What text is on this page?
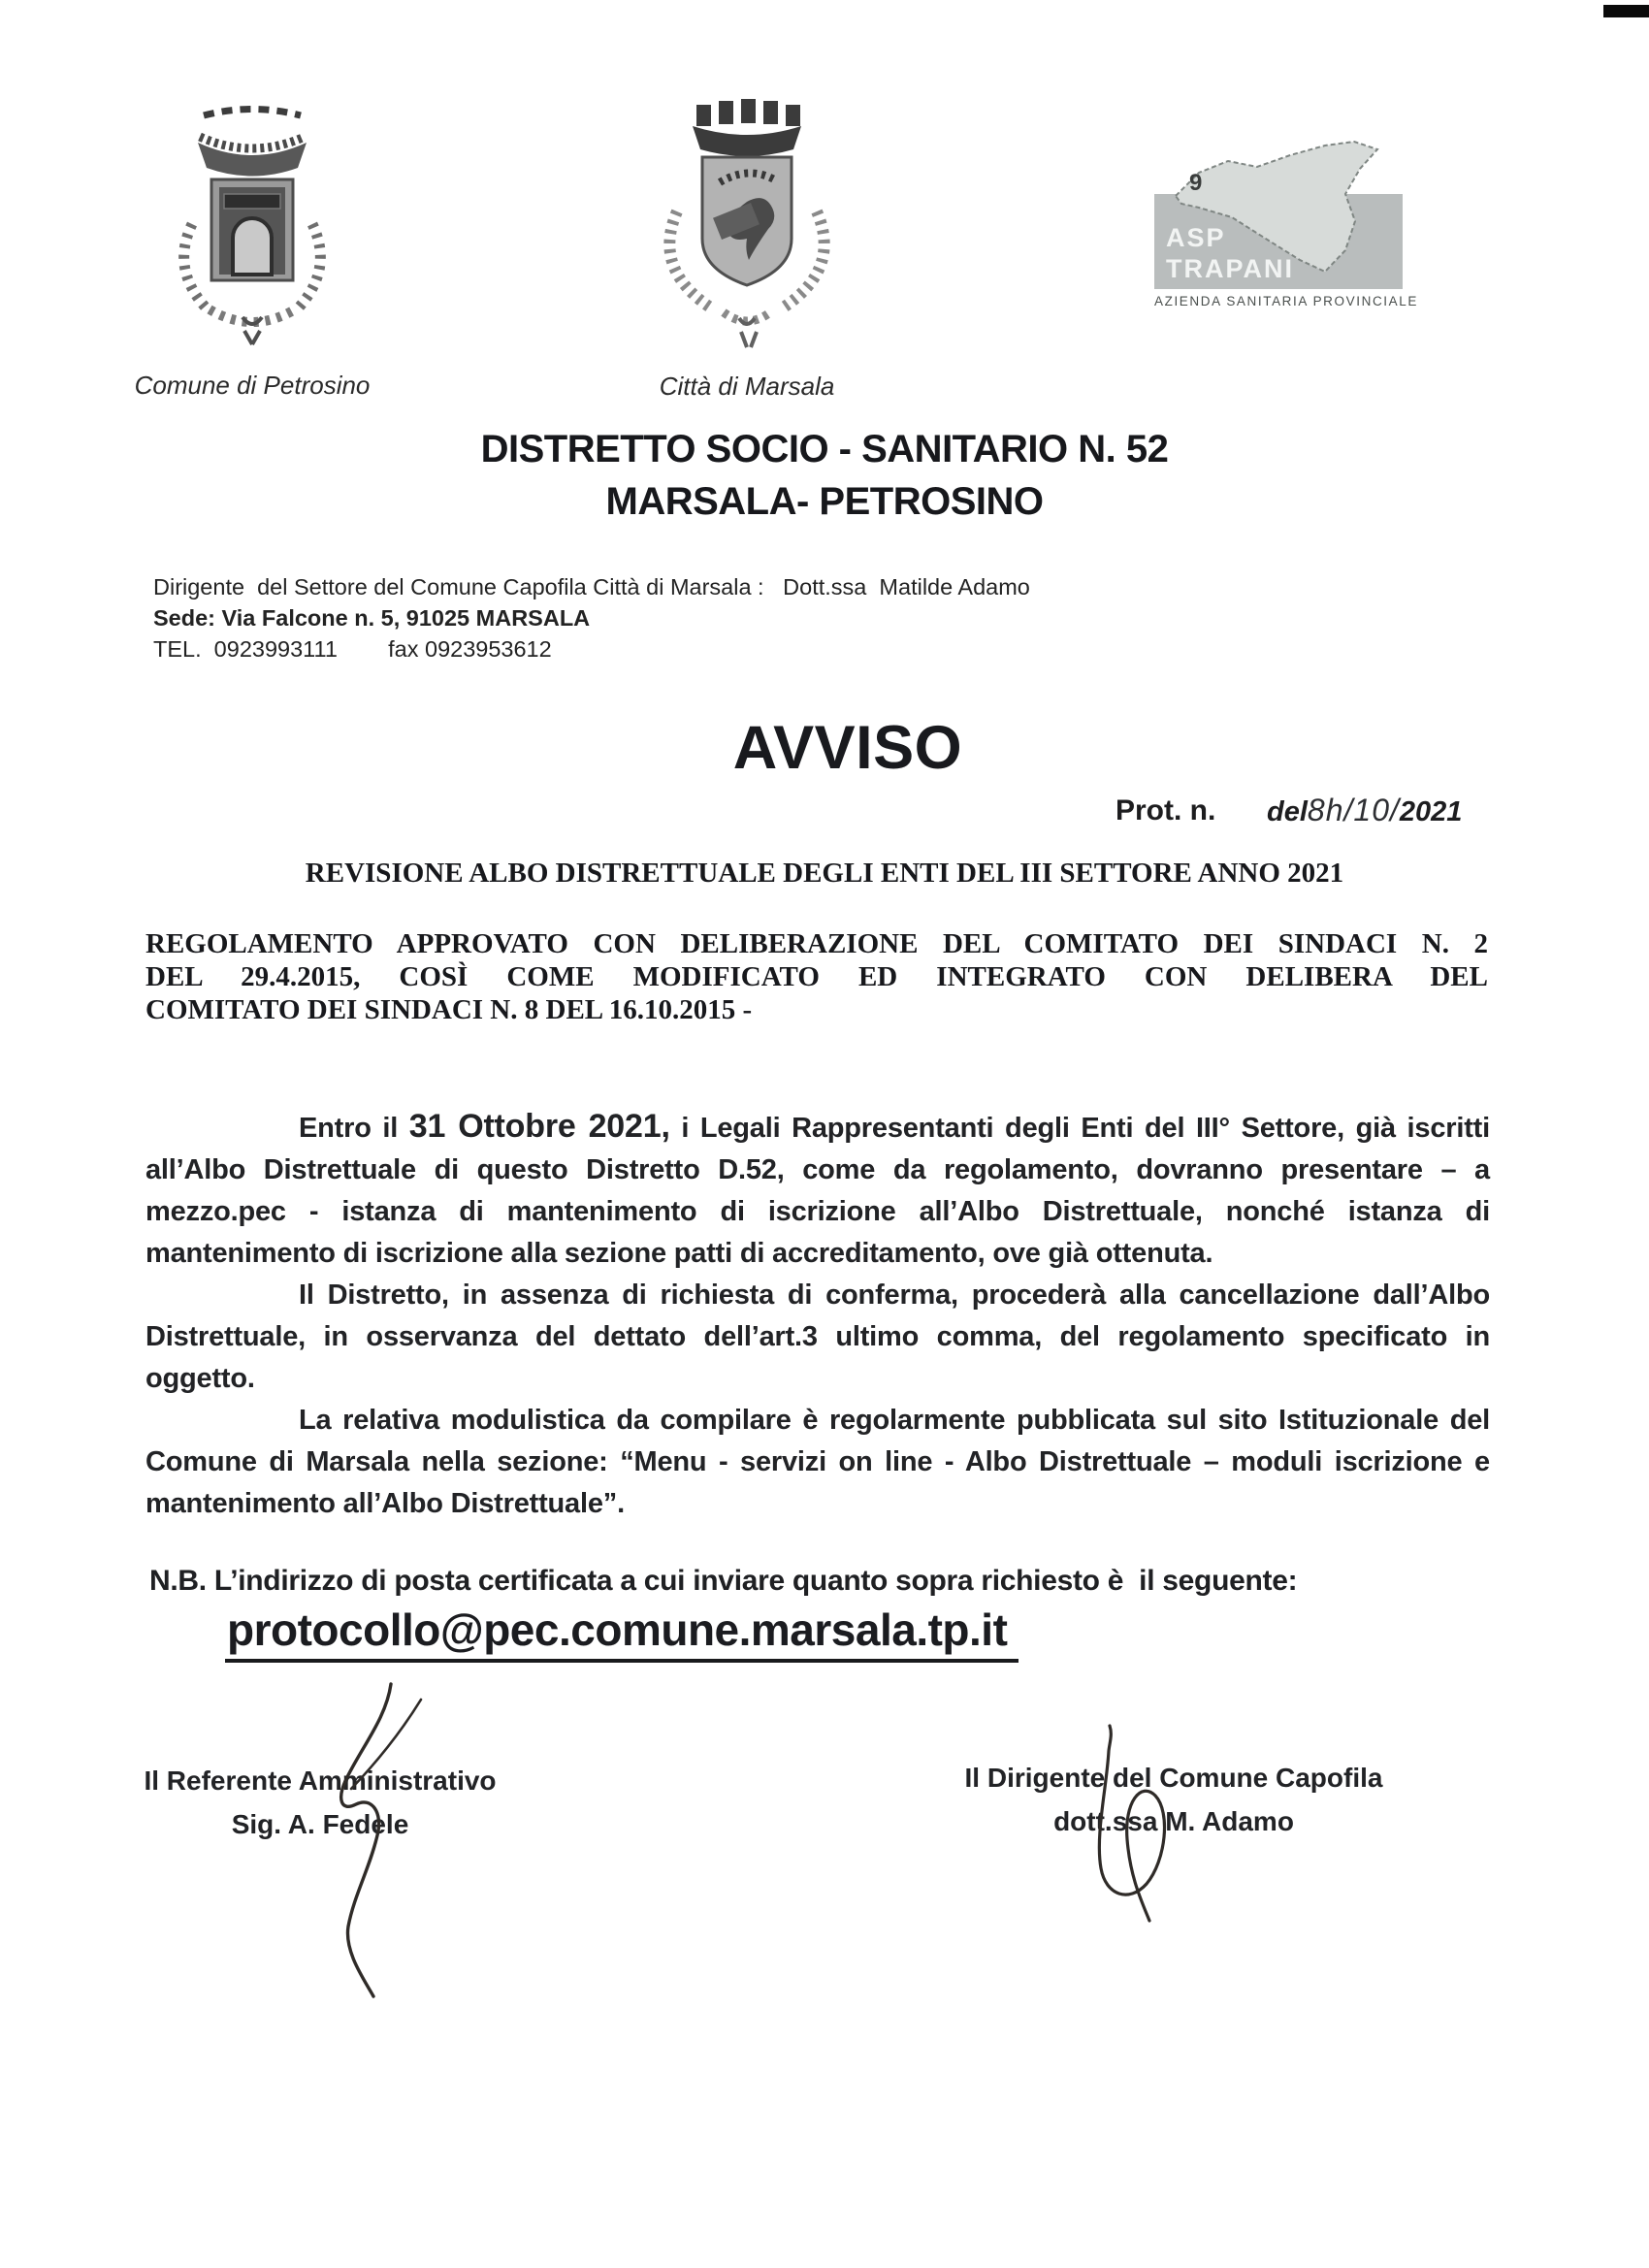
Comune di Petrosino	Città di Marsala
9
ASP
TRAPANI
AZIENDA SANITARIA PROVINCIALE
DISTRETTO SOCIO - SANITARIO N. 52
MARSALA- PETROSINO
Dirigente  del Settore del Comune Capofila Città di Marsala :   Dott.ssa  Matilde Adamo
Sede: Via Falcone n. 5, 91025 MARSALA
TEL.  0923993111        fax 0923953612
AVVISO
Prot. n. del8h/10/2021
REVISIONE ALBO DISTRETTUALE DEGLI ENTI DEL III SETTORE ANNO 2021
REGOLAMENTO APPROVATO CON DELIBERAZIONE DEL COMITATO DEI SINDACI N. 2
DEL 29.4.2015, COSÌ COME MODIFICATO ED INTEGRATO CON DELIBERA DEL
COMITATO DEI SINDACI N. 8 DEL 16.10.2015 -

Entro il 31 Ottobre 2021, i Legali Rappresentanti degli Enti del III° Settore, già iscritti all’Albo Distrettuale di questo Distretto D.52, come da regolamento, dovranno presentare – a mezzo.pec - istanza di mantenimento di iscrizione all’Albo Distrettuale, nonché istanza di mantenimento di iscrizione alla sezione patti di accreditamento, ove già ottenuta.

Il Distretto, in assenza di richiesta di conferma, procederà alla cancellazione dall’Albo Distrettuale, in osservanza del dettato dell’art.3 ultimo comma, del regolamento specificato in oggetto.

La relativa modulistica da compilare è regolarmente pubblicata sul sito Istituzionale del Comune di Marsala nella sezione: “Menu - servizi on line - Albo Distrettuale – moduli iscrizione e mantenimento all’Albo Distrettuale”.

N.B. L’indirizzo di posta certificata a cui inviare quanto sopra richiesto è  il seguente:
protocollo@pec.comune.marsala.tp.it
Il Referente Amministrativo
Sig. A. Fedele
Il Dirigente del Comune Capofila
dott.ssa M. Adamo
